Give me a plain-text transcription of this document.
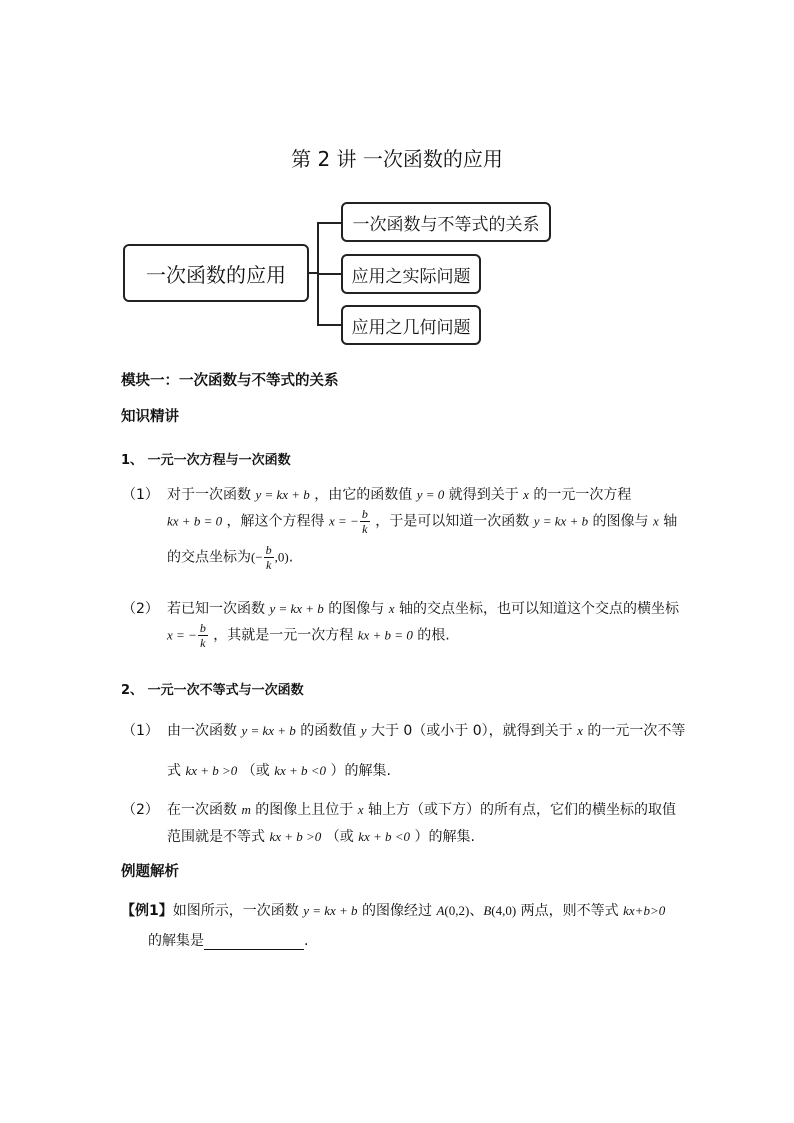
第 2 讲 一次函数的应用
一次函数的应用
一次函数与不等式的关系
应用之实际问题
应用之几何问题
模块一：一次函数与不等式的关系
知识精讲
1、 一元一次方程与一次函数
（1） 对于一次函数 y = kx + b ，由它的函数值 y = 0 就得到关于 x 的一元一次方程
kx + b = 0 ，解这个方程得 x = − $\frac{b}{k}$ ，于是可以知道一次函数 y = kx + b 的图像与 x 轴
的交点坐标为(− $\frac{b}{k} ,0$).
（2） 若已知一次函数 y = kx + b 的图像与 x 轴的交点坐标，也可以知道这个交点的横坐标
x = − $\frac{b}{k}$ ，其就是一元一次方程 kx + b = 0 的根.
2、 一元一次不等式与一次函数
（1） 由一次函数 y = kx + b 的函数值 y 大于 0（或小于 0），就得到关于 x 的一元一次不等
式 kx + b >0 （或 kx + b <0 ）的解集.
（2） 在一次函数 m 的图像上且位于 x 轴上方（或下方）的所有点，它们的横坐标的取值
范围就是不等式 kx + b >0 （或 kx + b <0 ）的解集.
例题解析
【例1】如图所示，一次函数 y = kx + b 的图像经过 A(0,2)、B(4,0) 两点，则不等式 kx+b>0
的解集是	.
